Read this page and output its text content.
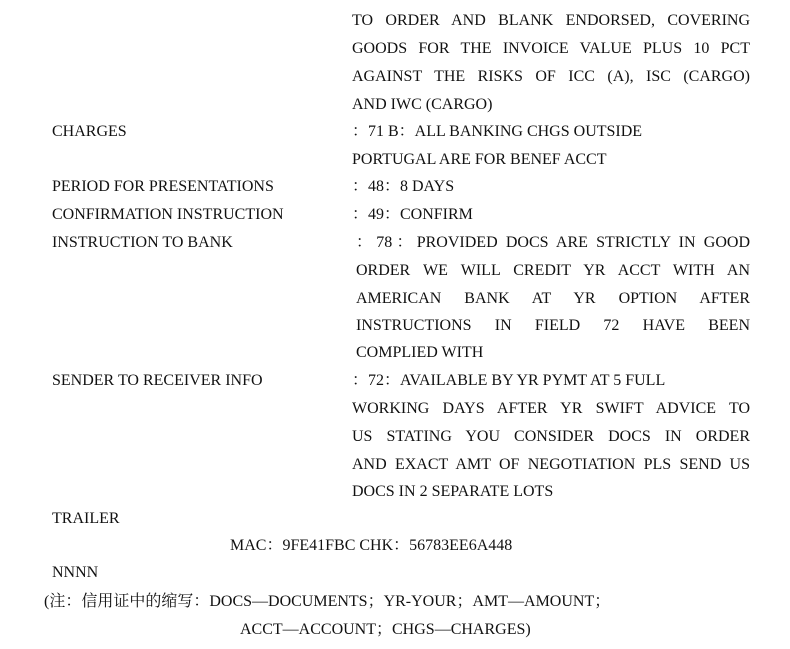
TO ORDER AND BLANK ENDORSED, COVERING
GOODS FOR THE INVOICE VALUE PLUS 10 PCT
AGAINST THE RISKS OF ICC (A), ISC (CARGO)
AND IWC (CARGO)
CHARGES	：71 B：ALL BANKING CHGS OUTSIDE
PORTUGAL ARE FOR BENEF ACCT
PERIOD FOR PRESENTATIONS	：48：8 DAYS
CONFIRMATION INSTRUCTION	：49：CONFIRM
INSTRUCTION TO BANK	：78：PROVIDED DOCS ARE STRICTLY IN GOOD
ORDER WE WILL CREDIT YR ACCT WITH AN
AMERICAN BANK AT YR OPTION AFTER
INSTRUCTIONS IN FIELD 72 HAVE BEEN
COMPLIED WITH
SENDER TO RECEIVER INFO	：72：AVAILABLE BY YR PYMT AT 5 FULL
WORKING DAYS AFTER YR SWIFT ADVICE TO
US STATING YOU CONSIDER DOCS IN ORDER
AND EXACT AMT OF NEGOTIATION PLS SEND US
DOCS IN 2 SEPARATE LOTS
TRAILER
MAC：9FE41FBC CHK：56783EE6A448
NNNN
(注：信用证中的缩写：DOCS—DOCUMENTS；YR-YOUR；AMT—AMOUNT；
ACCT—ACCOUNT；CHGS—CHARGES)
